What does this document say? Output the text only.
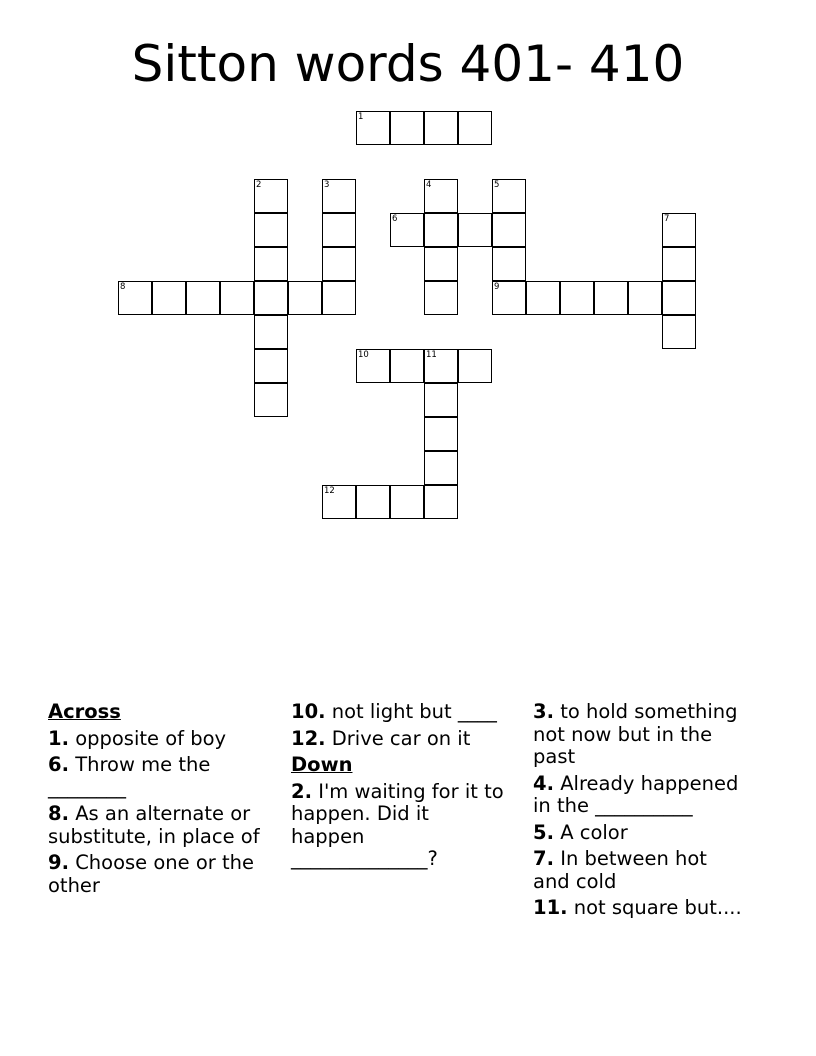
Sitton words 401- 410
1
2	3	4	5
6	7
8	9
10	11
12
Across
1. opposite of boy
6. Throw me the ________
8. As an alternate or substitute, in place of
9. Choose one or the other
10. not light but ____
12. Drive car on it
Down
2. I'm waiting for it to happen. Did it happen ______________?
3. to hold something not now but in the past
4. Already happened in the __________
5. A color
7. In between hot and cold
11. not square but....
